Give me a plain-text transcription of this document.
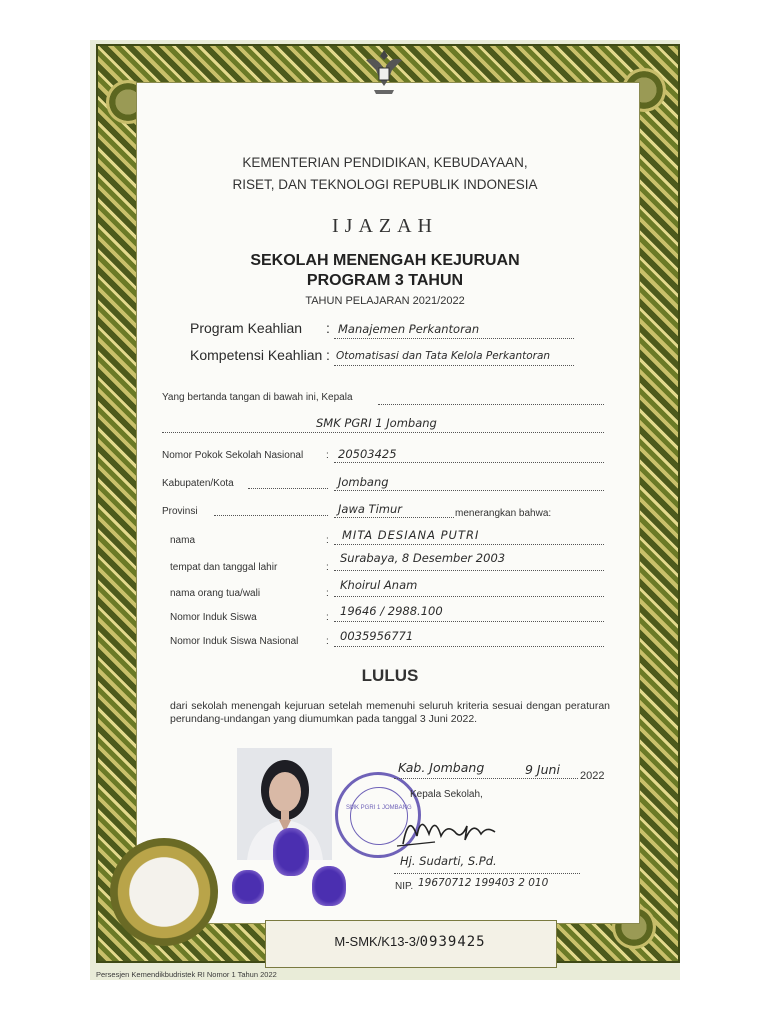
KEMENTERIAN PENDIDIKAN, KEBUDAYAAN,
RISET, DAN TEKNOLOGI REPUBLIK INDONESIA
IJAZAH
SEKOLAH MENENGAH KEJURUAN
PROGRAM 3 TAHUN
TAHUN PELAJARAN 2021/2022
Program Keahlian : Manajemen Perkantoran
Kompetensi Keahlian : Otomatisasi dan Tata Kelola Perkantoran
Yang bertanda tangan di bawah ini, Kepala
SMK PGRI 1 Jombang
Nomor Pokok Sekolah Nasional : 20503425
Kabupaten/Kota	Jombang
Provinsi	Jawa Timur	menerangkan bahwa:
nama	: MITA DESIANA PUTRI
tempat dan tanggal lahir	:
Surabaya, 8 Desember 2003
nama orang tua/wali	:
Khoirul Anam
Nomor Induk Siswa	: 19646 / 2988.100
Nomor Induk Siswa Nasional	: 0035956771
LULUS
dari sekolah menengah kejuruan setelah memenuhi seluruh kriteria sesuai dengan peraturan perundang-undangan yang diumumkan pada tanggal 3 Juni 2022.
SMK PGRI 1 JOMBANG
Kab. Jombang	9 Juni 2022
Kepala Sekolah,
Hj. Sudarti, S.Pd.
NIP. 19670712 199403 2 010
M-SMK/K13-3/0939425
Persesjen Kemendikbudristek RI Nomor 1 Tahun 2022
